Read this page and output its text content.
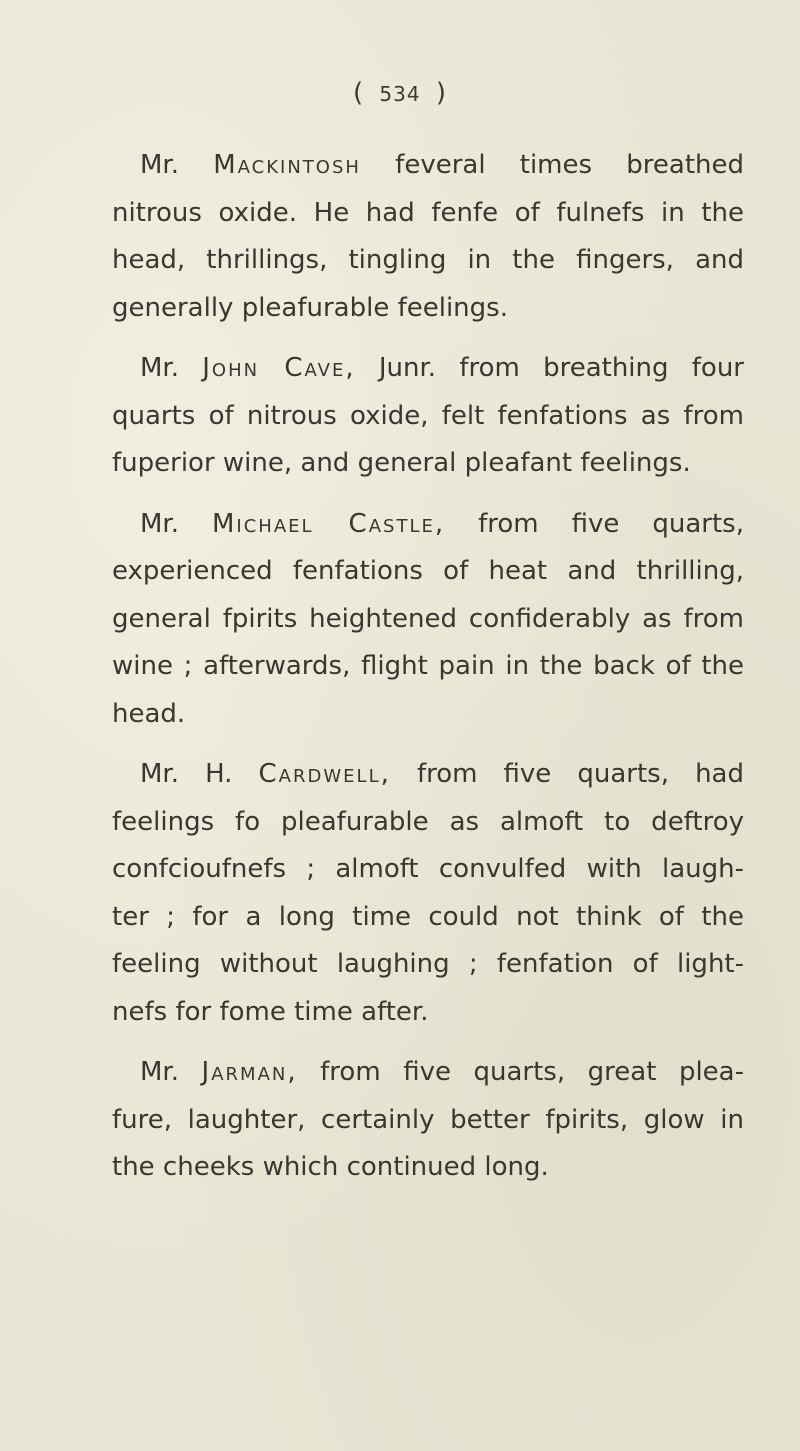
( 534 )
Mr. Mackintosh feveral times breathed
nitrous oxide. He had fenfe of fulnefs in the
head, thrillings, tingling in the fingers, and
generally pleafurable feelings.
Mr. John Cave, Junr. from breathing four
quarts of nitrous oxide, felt fenfations as from
fuperior wine, and general pleafant feelings.
Mr. Michael Castle, from five quarts,
experienced fenfations of heat and thrilling,
general fpirits heightened confiderably as from
wine ; afterwards, flight pain in the back of the
head.
Mr. H. Cardwell, from five quarts, had
feelings fo pleafurable as almoft to deftroy
confcioufnefs ; almoft convulfed with laugh-
ter ; for a long time could not think of the
feeling without laughing ; fenfation of light-
nefs for fome time after.
Mr. Jarman, from five quarts, great plea-
fure, laughter, certainly better fpirits, glow in
the cheeks which continued long.
